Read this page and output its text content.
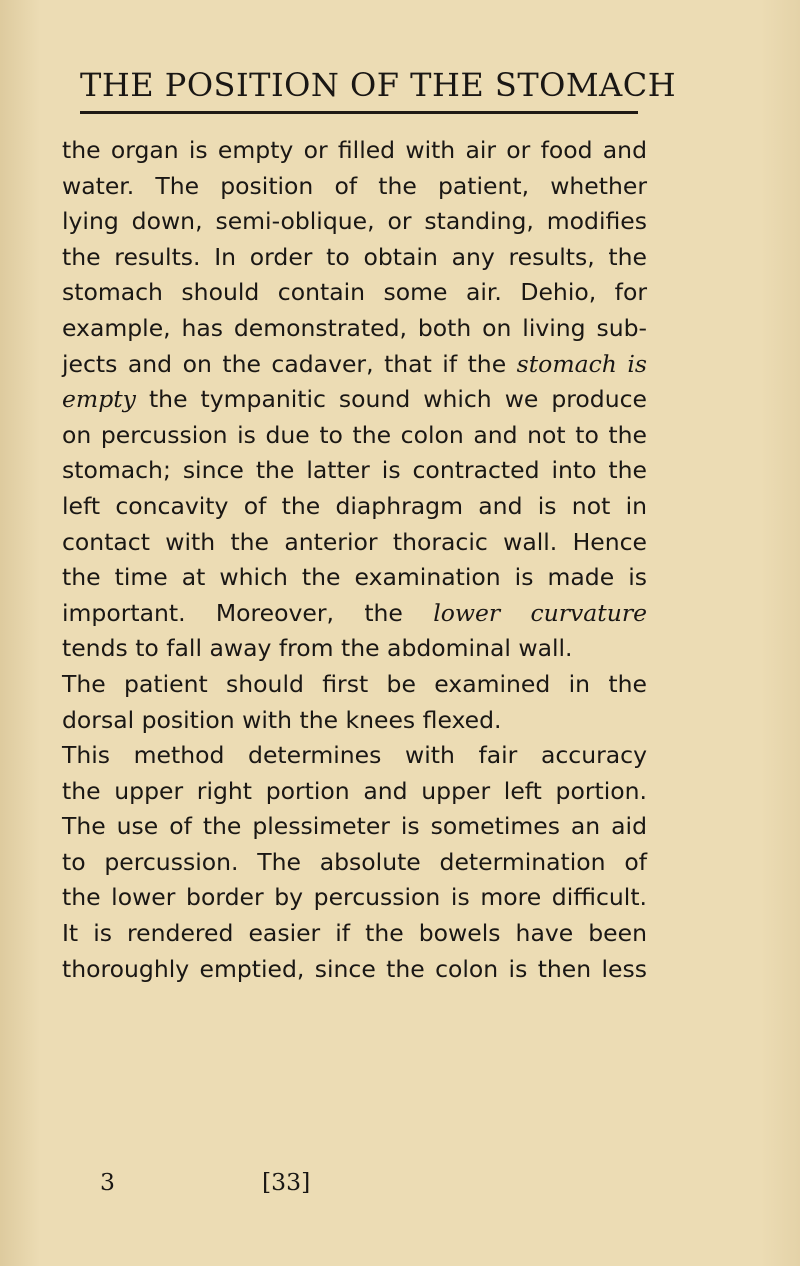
THE POSITION OF THE STOMACH
the organ is empty or filled with air or food and
water. The position of the patient, whether
lying down, semi-oblique, or standing, modifies
the results. In order to obtain any results, the
stomach should contain some air. Dehio, for
example, has demonstrated, both on living sub-
jects and on the cadaver, that if the stomach is
empty the tympanitic sound which we produce
on percussion is due to the colon and not to the
stomach; since the latter is contracted into the
left concavity of the diaphragm and is not in
contact with the anterior thoracic wall. Hence
the time at which the examination is made is
important. Moreover, the lower curvature
tends to fall away from the abdominal wall.
The patient should first be examined in the
dorsal position with the knees flexed.
This method determines with fair accuracy
the upper right portion and upper left portion.
The use of the plessimeter is sometimes an aid
to percussion. The absolute determination of
the lower border by percussion is more difficult.
It is rendered easier if the bowels have been
thoroughly emptied, since the colon is then less
3	[33]
